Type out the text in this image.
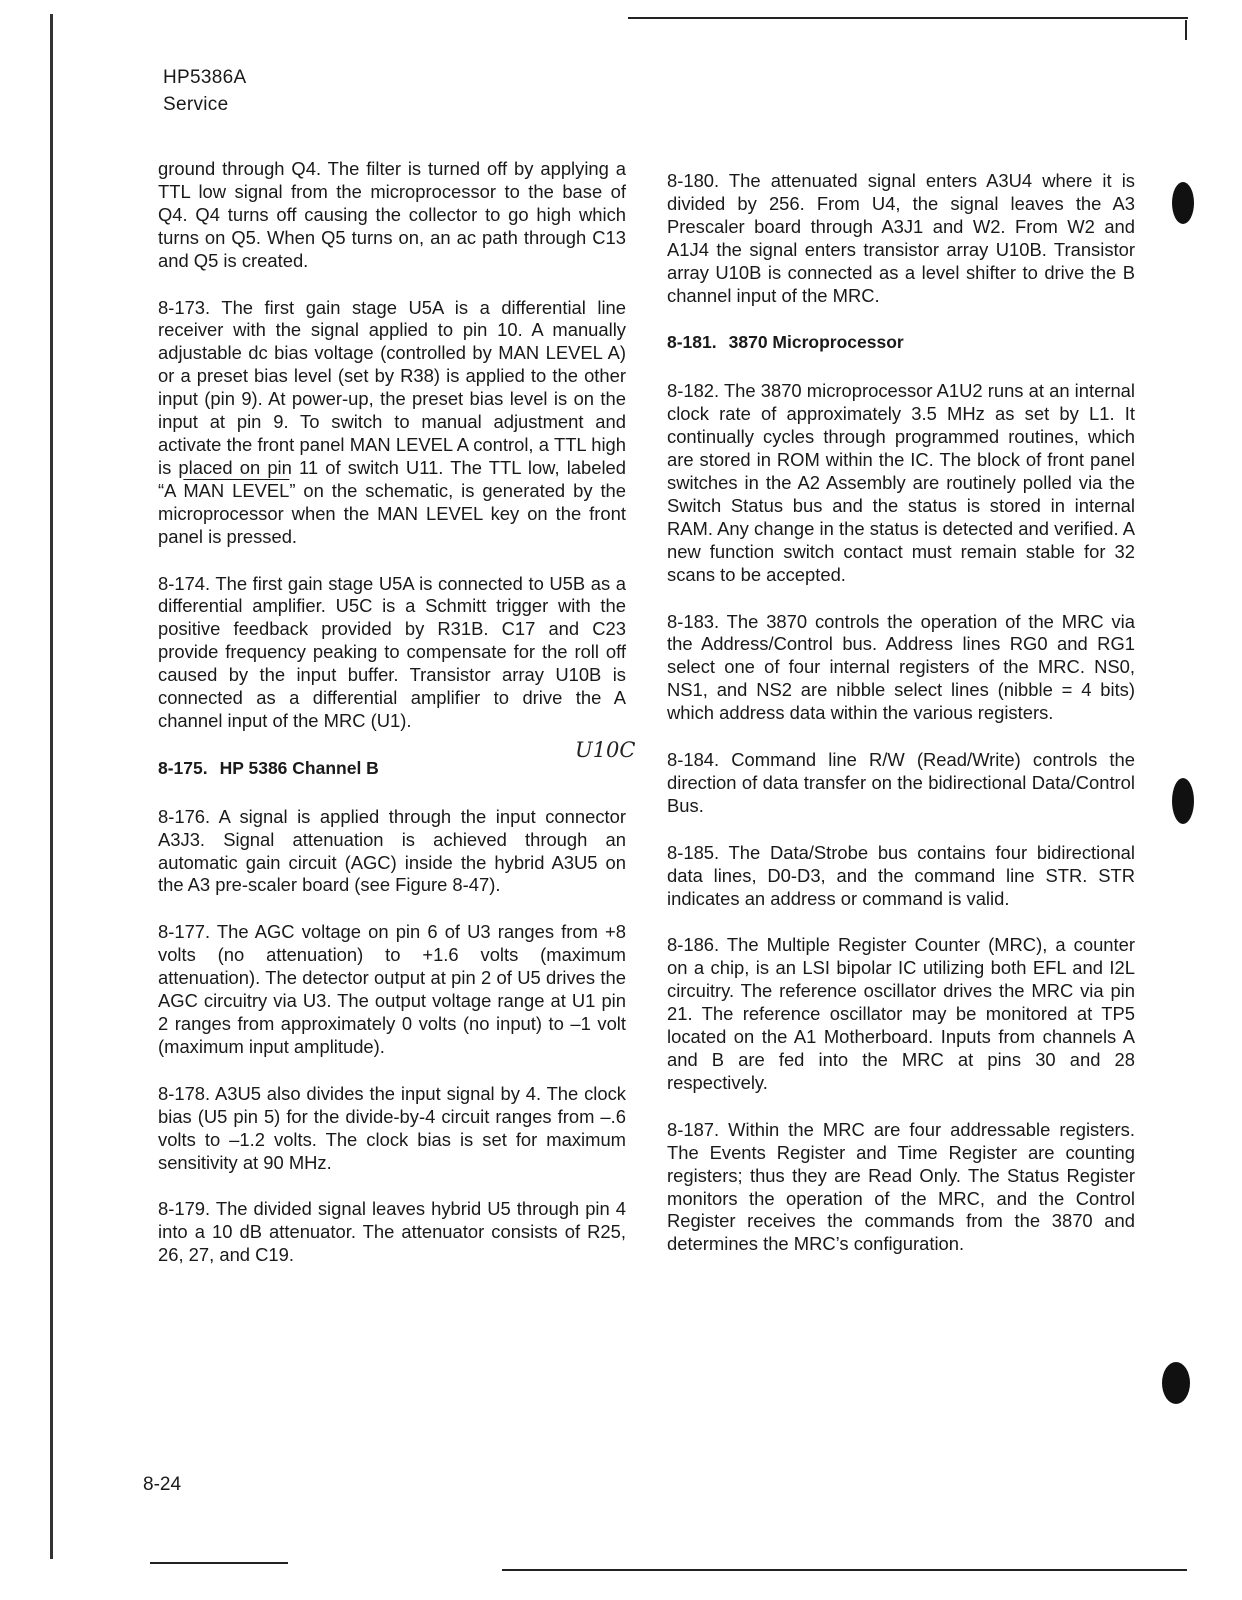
HP5386A
Service

ground through Q4. The filter is turned off by applying a TTL low signal from the microprocessor to the base of Q4. Q4 turns off causing the collector to go high which turns on Q5. When Q5 turns on, an ac path through C13 and Q5 is created.

8-173. The first gain stage U5A is a differential line receiver with the signal applied to pin 10. A manually adjustable dc bias voltage (controlled by MAN LEVEL A) or a preset bias level (set by R38) is applied to the other input (pin 9). At power-up, the preset bias level is on the input at pin 9. To switch to manual adjustment and activate the front panel MAN LEVEL A control, a TTL high is placed on pin 11 of switch U11. The TTL low, labeled “A MAN LEVEL” on the schematic, is generated by the microprocessor when the MAN LEVEL key on the front panel is pressed.

8-174. The first gain stage U5A is connected to U5B as a differential amplifier. U5C is a Schmitt trigger with the positive feedback provided by R31B. C17 and C23 provide frequency peaking to compensate for the roll off caused by the input buffer. Transistor array U10B is connected as a differential amplifier to drive the A channel input of the MRC (U1).

8-175. HP 5386 Channel B

8-176. A signal is applied through the input connector A3J3. Signal attenuation is achieved through an automatic gain circuit (AGC) inside the hybrid A3U5 on the A3 pre-scaler board (see Figure 8-47).

8-177. The AGC voltage on pin 6 of U3 ranges from +8 volts (no attenuation) to +1.6 volts (maximum attenuation). The detector output at pin 2 of U5 drives the AGC circuitry via U3. The output voltage range at U1 pin 2 ranges from approximately 0 volts (no input) to –1 volt (maximum input amplitude).

8-178. A3U5 also divides the input signal by 4. The clock bias (U5 pin 5) for the divide-by-4 circuit ranges from –.6 volts to –1.2 volts. The clock bias is set for maximum sensitivity at 90 MHz.

8-179. The divided signal leaves hybrid U5 through pin 4 into a 10 dB attenuator. The attenuator consists of R25, 26, 27, and C19.

U10C

8-180. The attenuated signal enters A3U4 where it is divided by 256. From U4, the signal leaves the A3 Prescaler board through A3J1 and W2. From W2 and A1J4 the signal enters transistor array U10B. Transistor array U10B is connected as a level shifter to drive the B channel input of the MRC.

8-181. 3870 Microprocessor

8-182. The 3870 microprocessor A1U2 runs at an internal clock rate of approximately 3.5 MHz as set by L1. It continually cycles through programmed routines, which are stored in ROM within the IC. The block of front panel switches in the A2 Assembly are routinely polled via the Switch Status bus and the status is stored in internal RAM. Any change in the status is detected and verified. A new function switch contact must remain stable for 32 scans to be accepted.

8-183. The 3870 controls the operation of the MRC via the Address/Control bus. Address lines RG0 and RG1 select one of four internal registers of the MRC. NS0, NS1, and NS2 are nibble select lines (nibble = 4 bits) which address data within the various registers.

8-184. Command line R/W (Read/Write) controls the direction of data transfer on the bidirectional Data/Control Bus.

8-185. The Data/Strobe bus contains four bidirectional data lines, D0-D3, and the command line STR. STR indicates an address or command is valid.

8-186. The Multiple Register Counter (MRC), a counter on a chip, is an LSI bipolar IC utilizing both EFL and I2L circuitry. The reference oscillator drives the MRC via pin 21. The reference oscillator may be monitored at TP5 located on the A1 Motherboard. Inputs from channels A and B are fed into the MRC at pins 30 and 28 respectively.

8-187. Within the MRC are four addressable registers. The Events Register and Time Register are counting registers; thus they are Read Only. The Status Register monitors the operation of the MRC, and the Control Register receives the commands from the 3870 and determines the MRC’s configuration.

8-24
